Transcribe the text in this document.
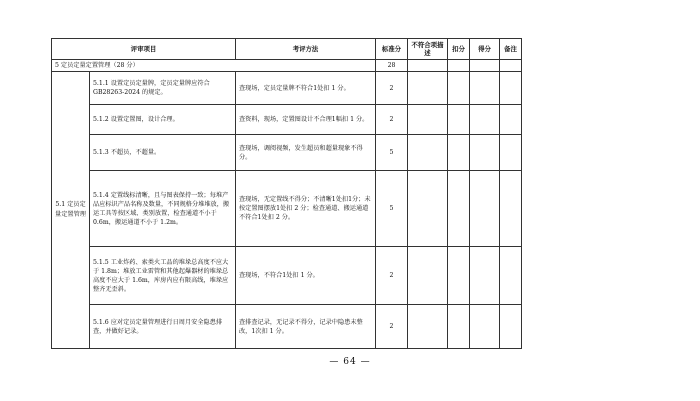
评审项目		考评方法	标准分	不符合项描述	扣分	得分	备注
5 定员定量定置管理（28 分）			28				
5.1 定员定量定置管理	5.1.1 设置定员定量牌，定员定量牌应符合 GB28263-2024 的规定。	查现场，定员定量牌不符合1处扣 1 分。	2				
	5.1.2 设置定置图，设计合理。	查资料，现场，定置图设计不合理1幅扣 1 分。	2				
	5.1.3 不超员，不超量。	查现场，调阅视频，发生超员和超量现象不得分。	5				
	5.1.4 定置线标清晰，且与图表保持一致；每堆产品应标识产品名称及数量，不同规格分堆堆放，搬运工具等按区域、类别放置，检查通道不小于 0.6m，搬运通道不小于 1.2m。	查现场，无定置线不得分；不清晰1处扣1分；未按定置图摆放1处扣 2 分；检查通道、搬运通道不符合1处扣 2 分。	5				
	5.1.5 工业炸药、索类火工品的堆垛总高度不应大于 1.8m；堆放工业雷管和其他起爆器材的堆垛总高度不应大于 1.6m，库房内应有限高线，堆垛应整齐无歪斜。	查现场，不符合1处扣 1 分。	2				
	5.1.6 应对定员定量管理进行日周月安全隐患排查，并做好记录。	查排查记录，无记录不得分，记录中隐患未整改，1次扣 1 分。	2				
— 64 —
